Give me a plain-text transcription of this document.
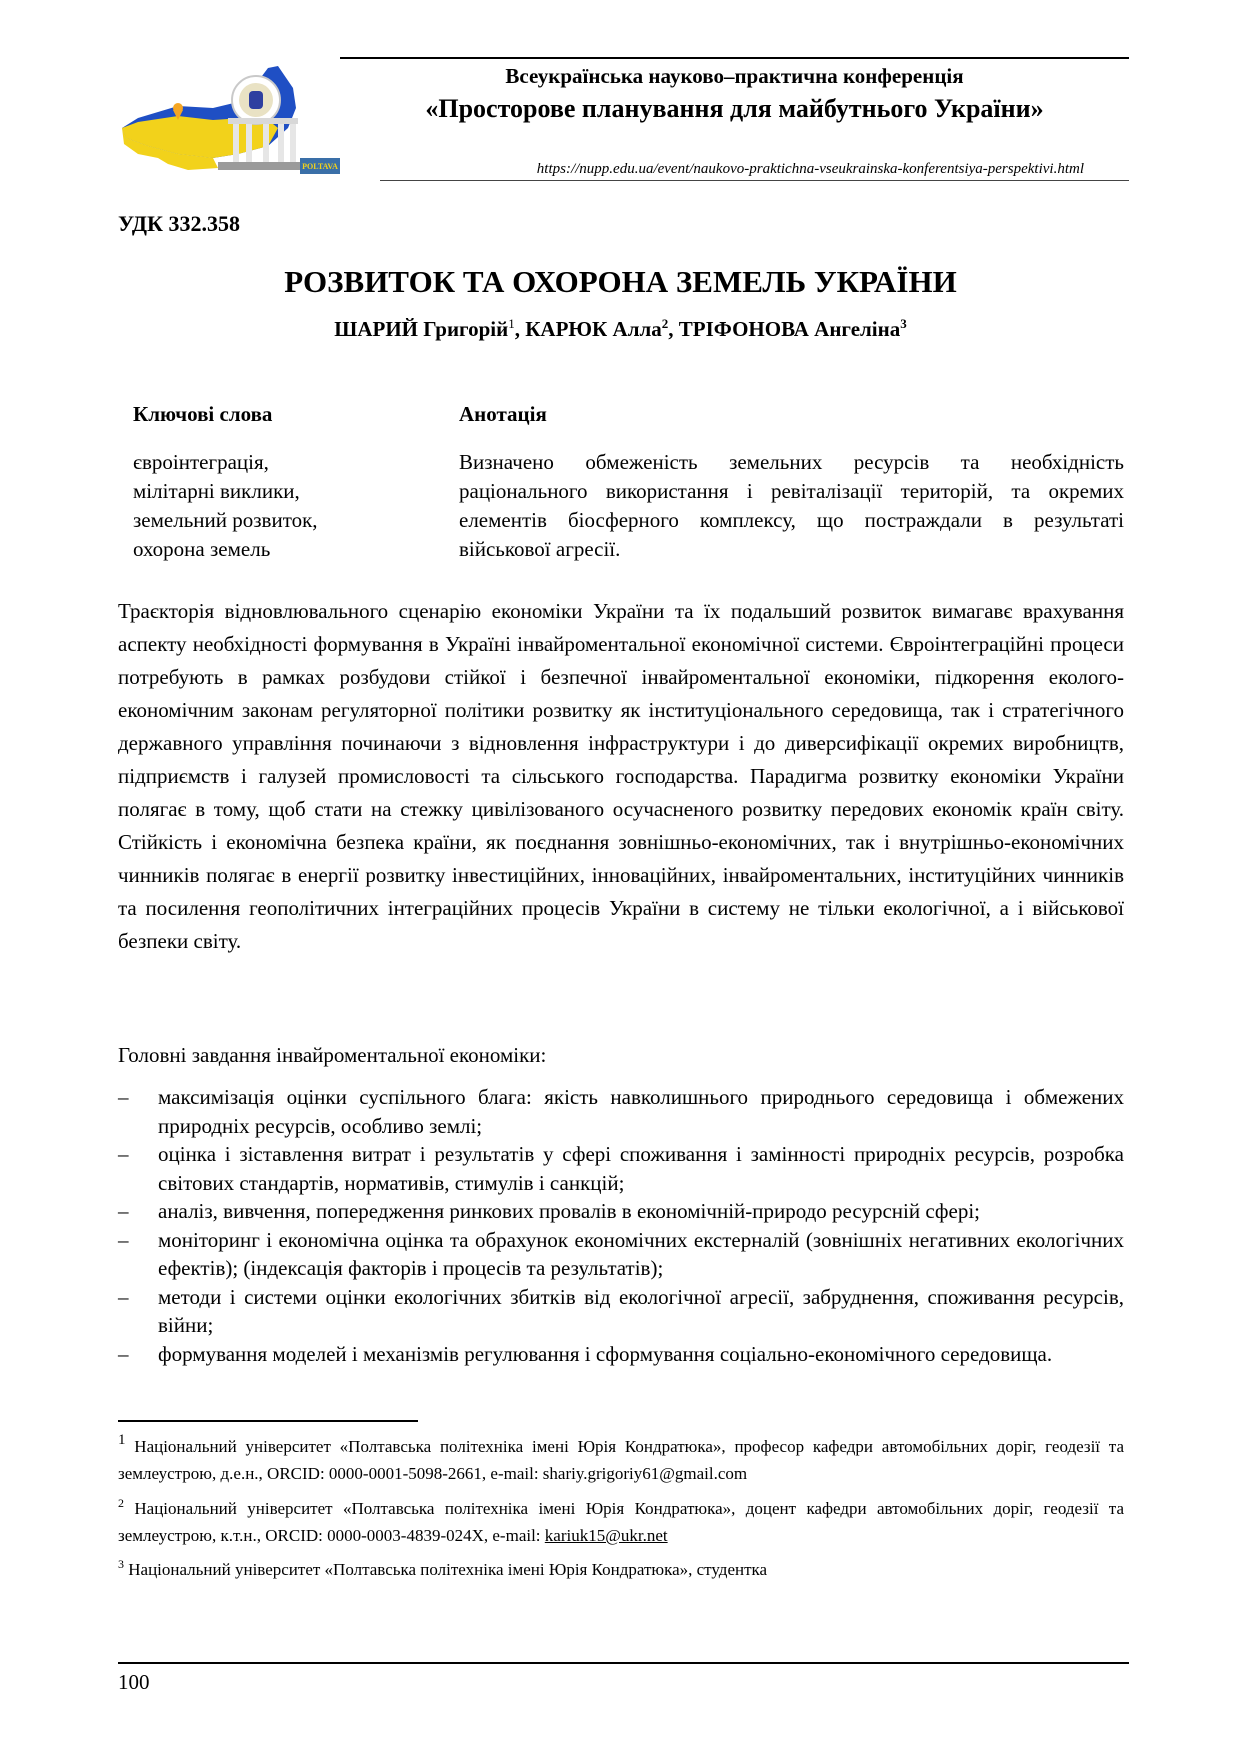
POLTAVA
Всеукраїнська науково–практична конференція
«Просторове планування для майбутнього України»
https://nupp.edu.ua/event/naukovo-praktichna-vseukrainska-konferentsiya-perspektivi.html
УДК 332.358
РОЗВИТОК ТА ОХОРОНА ЗЕМЕЛЬ УКРАЇНИ
ШАРИЙ Григорій$^1$, КАРЮК Алла$^2$, ТРІФОНОВА Ангеліна$^3$
Ключові слова	Анотація
євроінтеграція,
мілітарні виклики,
земельний розвиток,
охорона земель
Визначено обмеженість земельних ресурсів та необхідність раціонального використання і ревіталізації територій, та окремих елементів біосферного комплексу, що постраждали в результаті військової агресії.
Траєкторія відновлювального сценарію економіки України та їх подальший розвиток вимагавє врахування аспекту необхідності формування в Україні інвайроментальної економічної системи. Євроінтеграційні процеси потребують в рамках розбудови стійкої і безпечної інвайроментальної економіки, підкорення еколого-економічним законам регуляторної політики розвитку як інституціонального середовища, так і стратегічного державного управління починаючи з відновлення інфраструктури і до диверсифікації окремих виробництв, підприємств і галузей промисловості та сільського господарства. Парадигма розвитку економіки України полягає в тому, щоб стати на стежку цивілізованого осучасненого розвитку передових економік країн світу. Стійкість і економічна безпека країни, як поєднання зовнішньо-економічних, так і внутрішньо-економічних чинників полягає в енергії розвитку інвестиційних, інноваційних, інвайроментальних, інституційних чинників та посилення геополітичних інтеграційних процесів України в систему не тільки екологічної, а і військової безпеки світу.
Головні завдання інвайроментальної економіки:
– максимізація оцінки суспільного блага: якість навколишнього природнього середовища і обмежених природніх ресурсів, особливо землі;
– оцінка і зіставлення витрат і результатів у сфері споживання і замінності природніх ресурсів, розробка світових стандартів, нормативів, стимулів і санкцій;
– аналіз, вивчення, попередження ринкових провалів в економічній-природо ресурсній сфері;
– моніторинг і економічна оцінка та обрахунок економічних екстерналій (зовнішніх негативних екологічних ефектів); (індексація факторів і процесів та результатів);
– методи і системи оцінки екологічних збитків від екологічної агресії, забруднення, споживання ресурсів, війни;
– формування моделей і механізмів регулювання і сформування соціально-економічного середовища.
$^1$ Національний університет «Полтавська політехніка імені Юрія Кондратюка», професор кафедри автомобільних доріг, геодезії та землеустрою, д.е.н., ORCID: 0000-0001-5098-2661, e-mail: shariy.grigoriy61@gmail.com
$^2$ Національний університет «Полтавська політехніка імені Юрія Кондратюка», доцент кафедри автомобільних доріг, геодезії та землеустрою, к.т.н., ORCID: 0000-0003-4839-024X, e-mail: kariuk15@ukr.net
$^3$ Національний університет «Полтавська політехніка імені Юрія Кондратюка», студентка
100
